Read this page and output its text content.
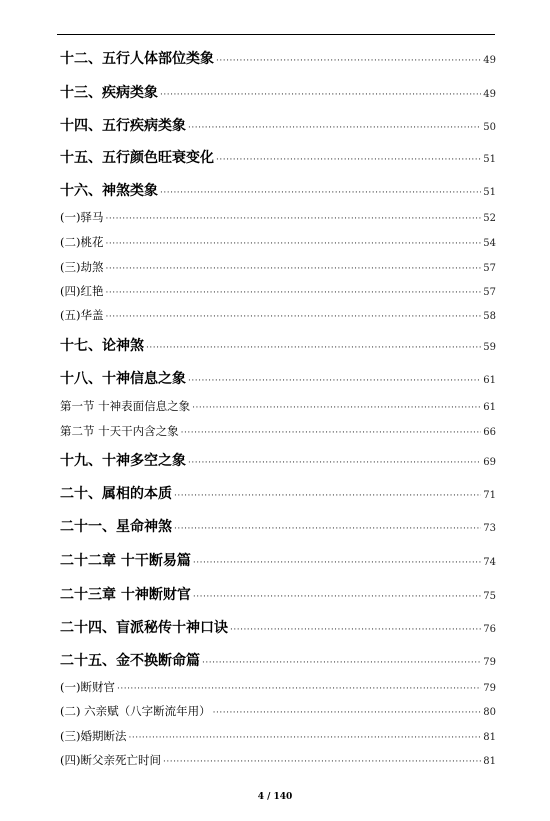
十二、五行人体部位类象 ·····	49
十三、疾病类象 ·····	49
十四、五行疾病类象 ·····	50
十五、五行颜色旺衰变化 ·····	51
十六、神煞类象 ·····	51
(一)驿马 ·····	52
(二)桃花 ·····	54
(三)劫煞 ·····	57
(四)红艳 ·····	57
(五)华盖 ·····	58
十七、论神煞 ·····	59
十八、十神信息之象 ·····	61
第一节 十神表面信息之象 ·····	61
第二节 十天干内含之象 ·····	66
十九、十神多空之象 ·····	69
二十、属相的本质 ·····	71
二十一、星命神煞 ·····	73
二十二章 十干断易篇 ·····	74
二十三章 十神断财官 ·····	75
二十四、盲派秘传十神口诀 ·····	76
二十五、金不换断命篇 ·····	79
(一)断财官 ·····	79
(二) 六亲赋（八字断流年用） ·····	80
(三)婚期断法 ·····	81
(四)断父亲死亡时间 ·····	81
4 / 140
